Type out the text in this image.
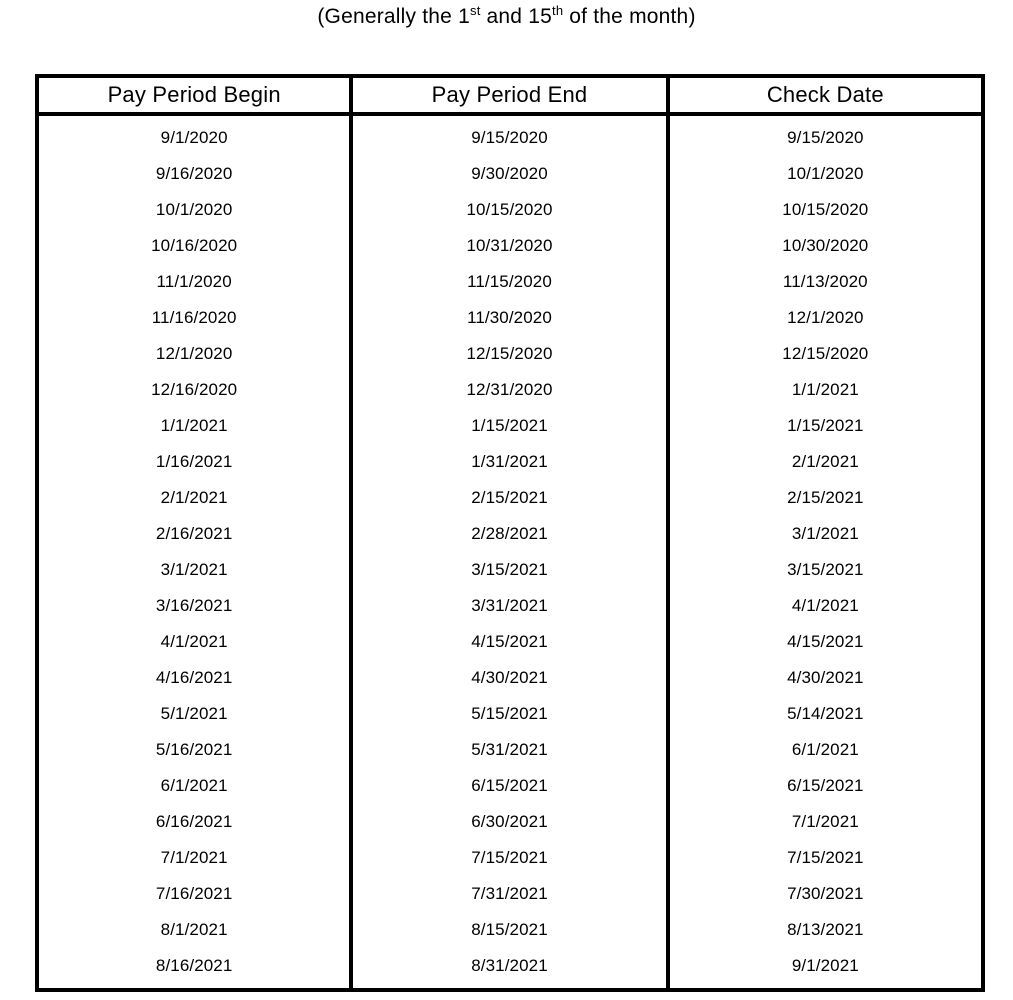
(Generally the 1st and 15th of the month)
Pay Period Begin	Pay Period End	Check Date
9/1/2020	9/15/2020	9/15/2020
9/16/2020	9/30/2020	10/1/2020
10/1/2020	10/15/2020	10/15/2020
10/16/2020	10/31/2020	10/30/2020
11/1/2020	11/15/2020	11/13/2020
11/16/2020	11/30/2020	12/1/2020
12/1/2020	12/15/2020	12/15/2020
12/16/2020	12/31/2020	1/1/2021
1/1/2021	1/15/2021	1/15/2021
1/16/2021	1/31/2021	2/1/2021
2/1/2021	2/15/2021	2/15/2021
2/16/2021	2/28/2021	3/1/2021
3/1/2021	3/15/2021	3/15/2021
3/16/2021	3/31/2021	4/1/2021
4/1/2021	4/15/2021	4/15/2021
4/16/2021	4/30/2021	4/30/2021
5/1/2021	5/15/2021	5/14/2021
5/16/2021	5/31/2021	6/1/2021
6/1/2021	6/15/2021	6/15/2021
6/16/2021	6/30/2021	7/1/2021
7/1/2021	7/15/2021	7/15/2021
7/16/2021	7/31/2021	7/30/2021
8/1/2021	8/15/2021	8/13/2021
8/16/2021	8/31/2021	9/1/2021
